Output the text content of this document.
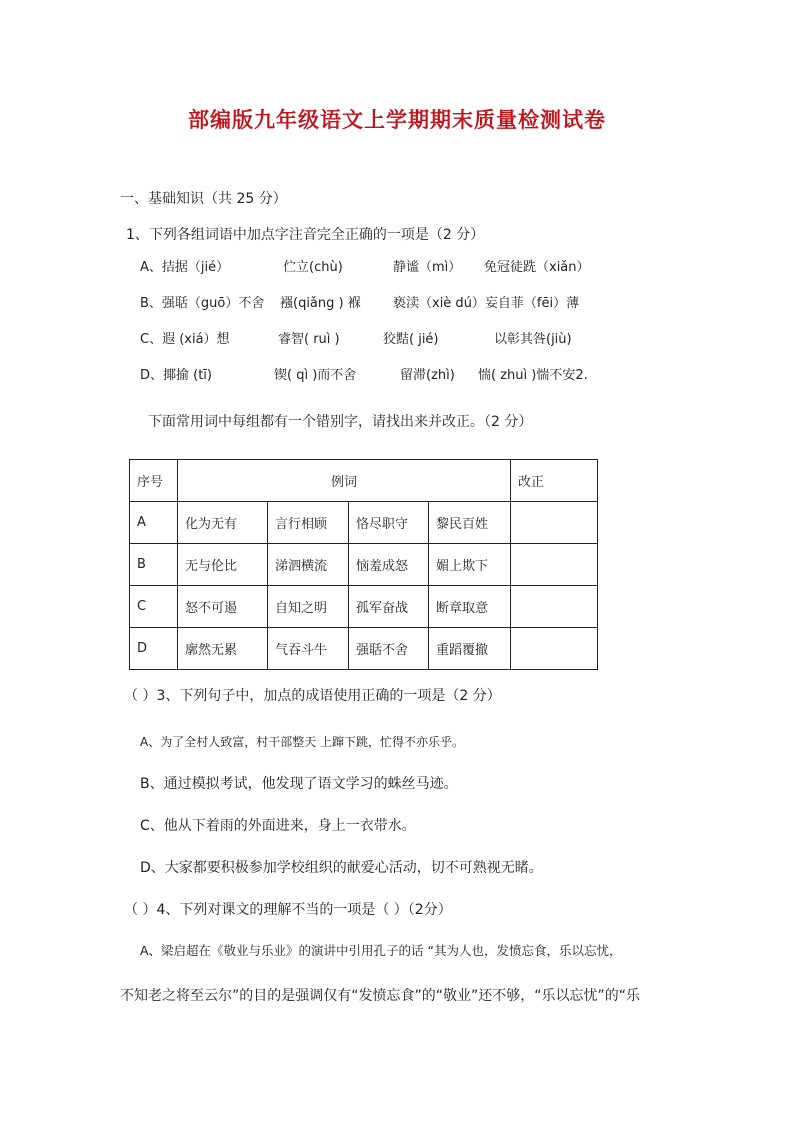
部编版九年级语文上学期期末质量检测试卷
一、基础知识（共 25 分）
1、下列各组词语中加点字注音完全正确的一项是（2 分）
A、拮据（jié）	伫立(chù)	静谧（mì） 免冠徒跣（xiǎn）
B、强聒（guō）不舍 襁(qiǎng ) 褓 亵渎（xiè dú）妄自菲（fēi）薄
C、遐 (xiá）想	睿智( ruì )	狡黠( jié)	以彰其咎(jiù)
D、揶揄 (tī)	锲( qì )而不舍	留滞(zhì) 惴( zhuì )惴不安2.
下面常用词中每组都有一个错别字，请找出来并改正。（2 分）
序号	例词				改正
A	化为无有	言行相顾	恪尽职守	黎民百姓	
B	无与伦比	涕泗横流	恼羞成怒	媚上欺下	
C	怒不可遏	自知之明	孤军奋战	断章取意	
D	廓然无累	气吞斗牛	强聒不舍	重蹈覆撤	
（ ）3、下列句子中，加点的成语使用正确的一项是（2 分）
A、为了全村人致富，村干部整天 上蹿下跳，忙得不亦乐乎。
B、通过模拟考试，他发现了语文学习的蛛丝马迹。
C、他从下着雨的外面进来，身上一衣带水。
D、大家都要积极参加学校组织的献爱心活动，切不可熟视无睹。
（ ）4、下列对课文的理解不当的一项是（ ）（2分）
A、梁启超在《敬业与乐业》的演讲中引用孔子的话 “其为人也，发愤忘食，乐以忘忧，
不知老之将至云尔”的目的是强调仅有“发愤忘食”的“敬业”还不够，“乐以忘忧”的“乐
